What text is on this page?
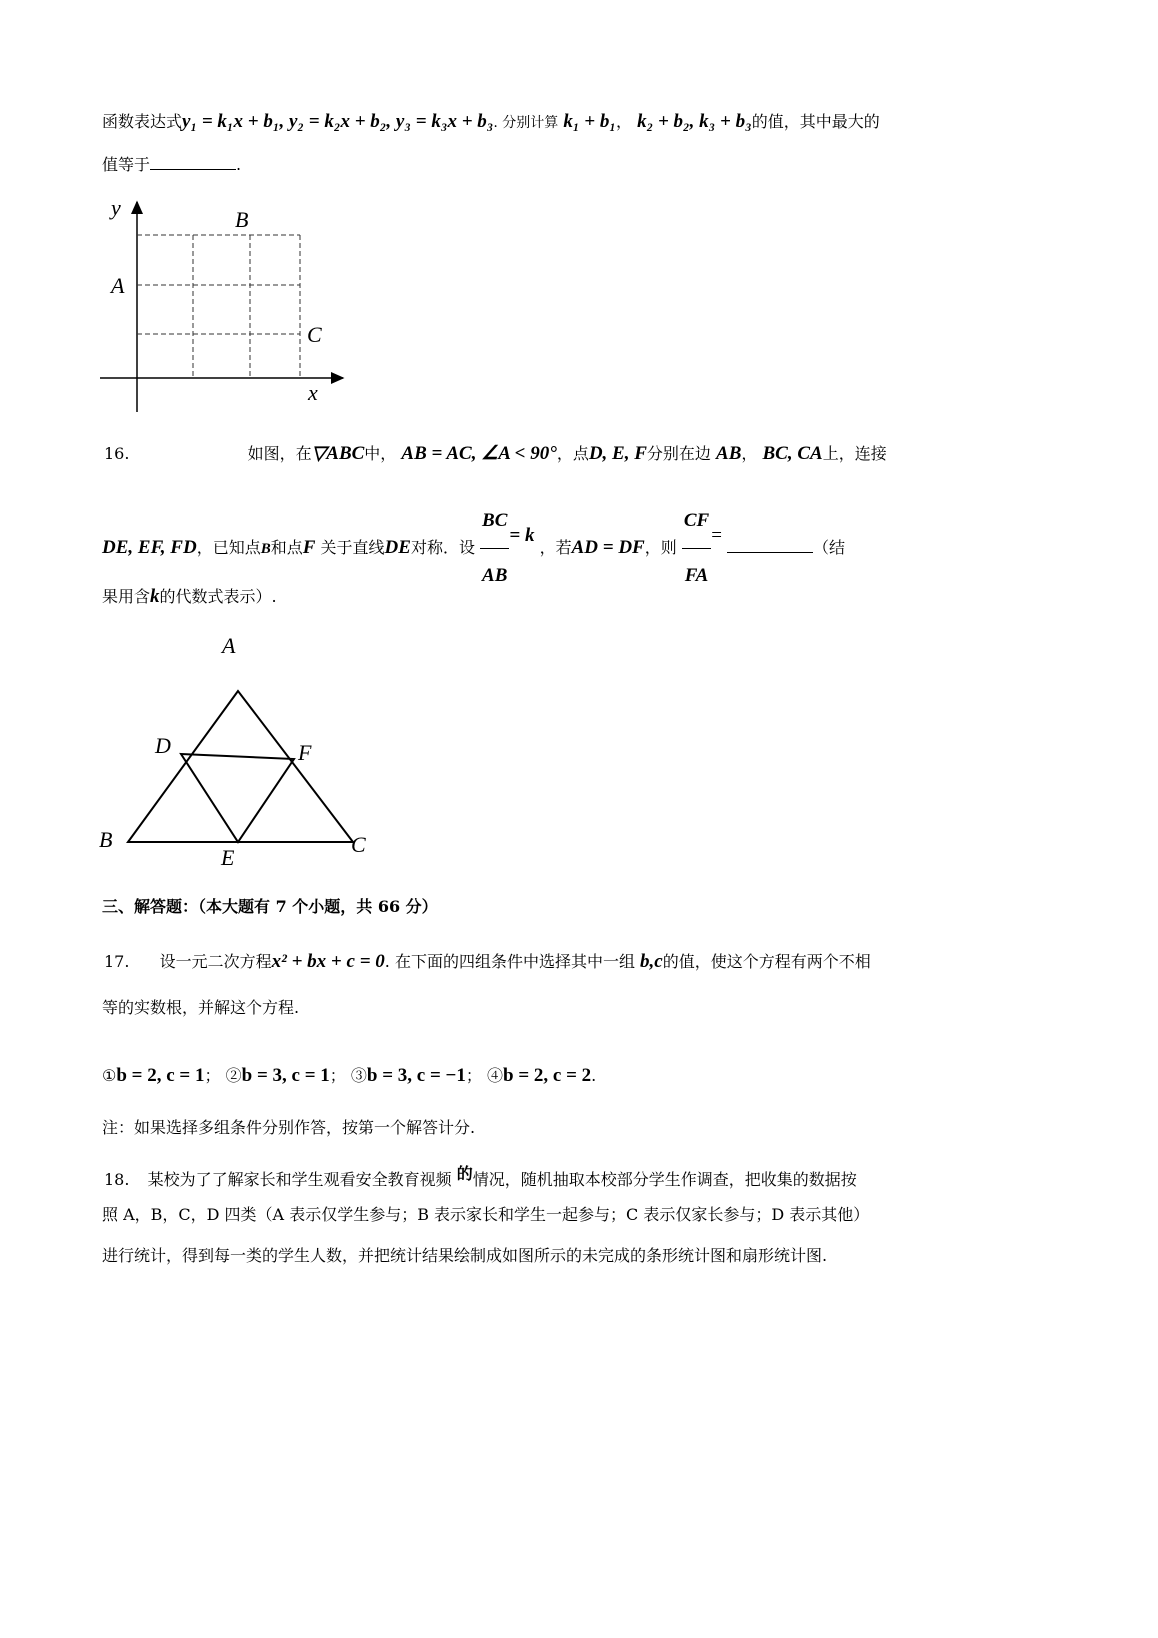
函数表达式y₁ = k₁x + b₁, y₂ = k₂x + b₂, y₃ = k₃x + b₃. 分别计算 k₁ + b₁， k₂ + b₂, k₃ + b₃的值，其中最大的
值等于	.
y
x
B
A
C
16.	如图，在▽ABC中， AB = AC, ∠A < 90°，点D, E, F分别在边 AB， BC, CA上，连接
DE, EF, FD，已知点B和点F 关于直线DE对称．设 $\frac{BC}{AB} = k$ ，若AD = DF，则 $\frac{CF}{FA}$ = （结
果用含k的代数式表示）.
A
B	C
D
E
F
三、解答题：（本大题有 7 个小题，共 66 分）
17. 设一元二次方程x² + bx + c = 0. 在下面的四组条件中选择其中一组 b,c的值，使这个方程有两个不相
等的实数根，并解这个方程.
①b = 2, c = 1； ②b = 3, c = 1； ③b = 3, c = −1； ④b = 2, c = 2.
注：如果选择多组条件分别作答，按第一个解答计分.
18. 某校为了了解家长和学生观看安全教育视频 的情况，随机抽取本校部分学生作调查，把收集的数据按
照 A，B，C，D 四类（A 表示仅学生参与；B 表示家长和学生一起参与；C 表示仅家长参与；D 表示其他）
进行统计，得到每一类的学生人数，并把统计结果绘制成如图所示的未完成的条形统计图和扇形统计图.
